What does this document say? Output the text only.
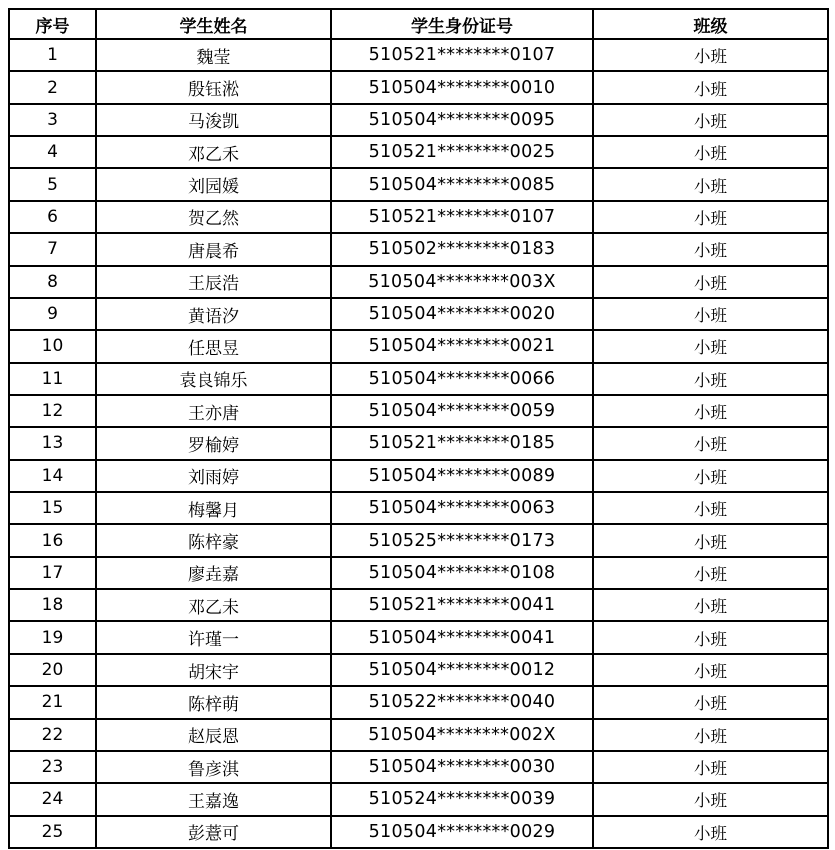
序号	学生姓名	学生身份证号	班级
1	魏莹	510521********0107	小班
2	殷钰淞	510504********0010	小班
3	马浚凯	510504********0095	小班
4	邓乙禾	510521********0025	小班
5	刘园媛	510504********0085	小班
6	贺乙然	510521********0107	小班
7	唐晨希	510502********0183	小班
8	王辰浩	510504********003X	小班
9	黄语汐	510504********0020	小班
10	任思昱	510504********0021	小班
11	袁良锦乐	510504********0066	小班
12	王亦唐	510504********0059	小班
13	罗榆婷	510521********0185	小班
14	刘雨婷	510504********0089	小班
15	梅馨月	510504********0063	小班
16	陈梓豪	510525********0173	小班
17	廖垚嘉	510504********0108	小班
18	邓乙未	510521********0041	小班
19	许瑾一	510504********0041	小班
20	胡宋宇	510504********0012	小班
21	陈梓萌	510522********0040	小班
22	赵辰恩	510504********002X	小班
23	鲁彦淇	510504********0030	小班
24	王嘉逸	510524********0039	小班
25	彭薏可	510504********0029	小班
